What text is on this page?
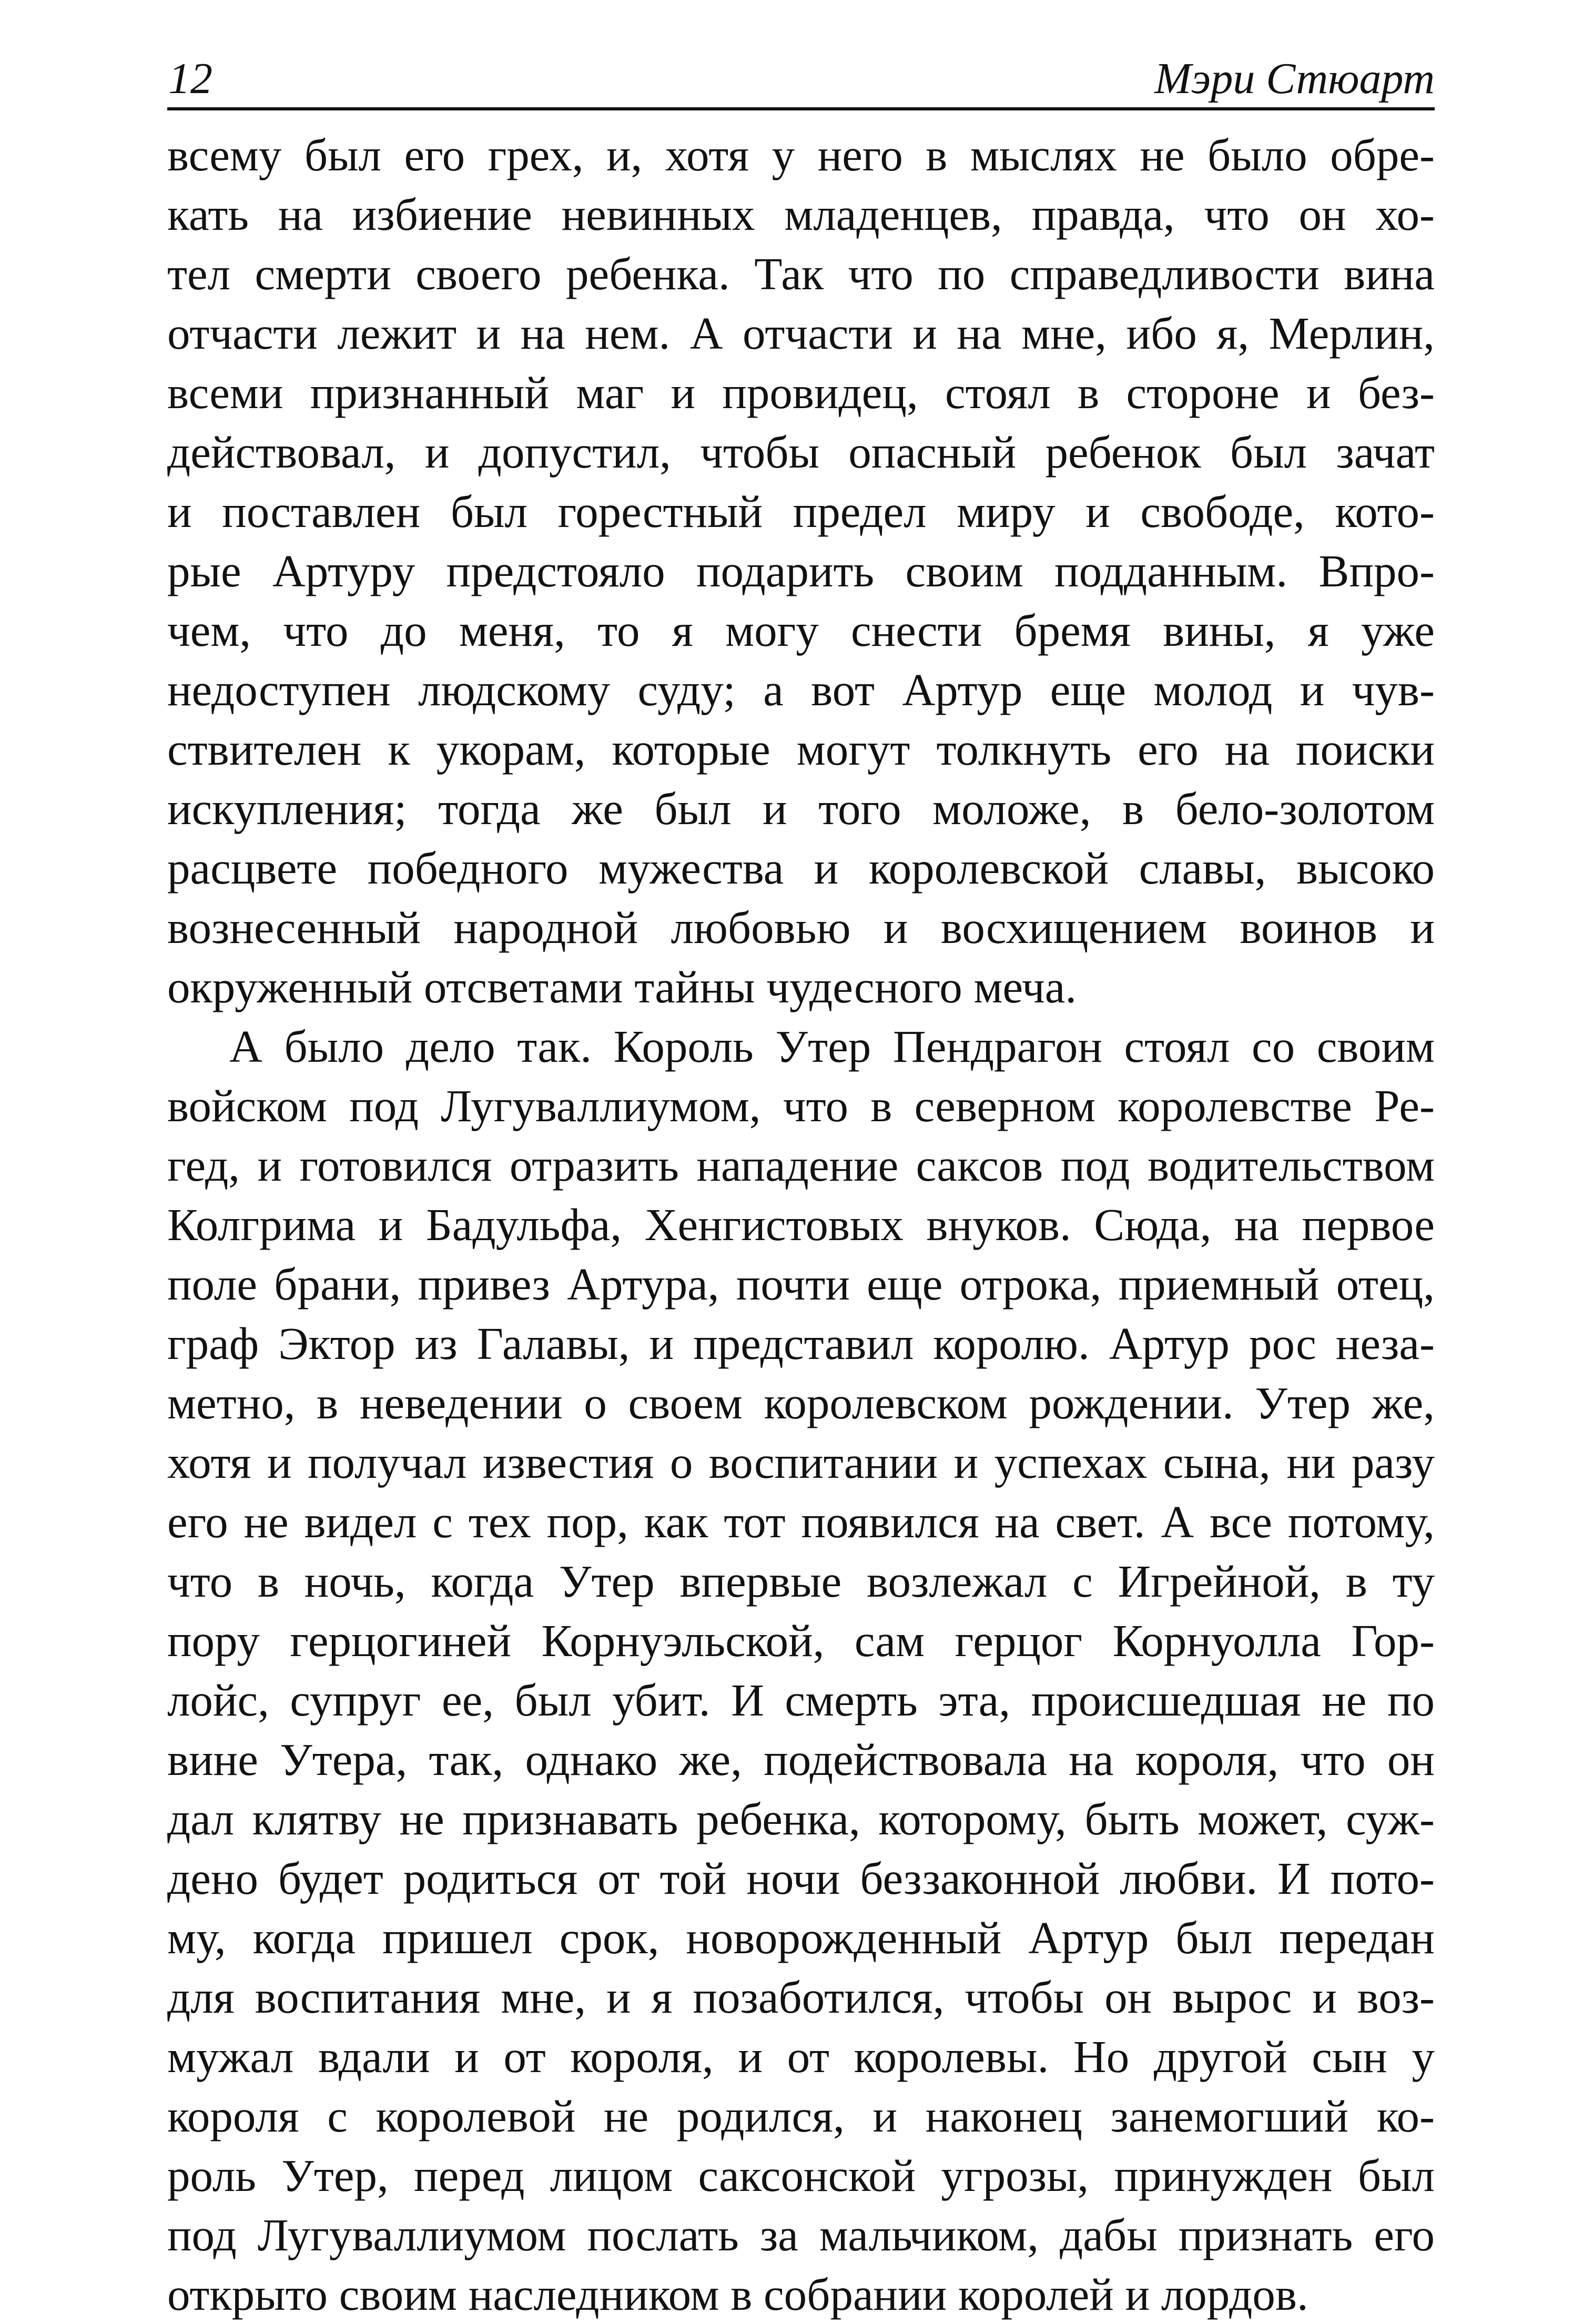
12	Мэри Стюарт
всему был его грех, и, хотя у него в мыслях не было обре-
кать на избиение невинных младенцев, правда, что он хо-
тел смерти своего ребенка. Так что по справедливости вина
отчасти лежит и на нем. А отчасти и на мне, ибо я, Мерлин,
всеми признанный маг и провидец, стоял в стороне и без-
действовал, и допустил, чтобы опасный ребенок был зачат
и поставлен был горестный предел миру и свободе, кото-
рые Артуру предстояло подарить своим подданным. Впро-
чем, что до меня, то я могу снести бремя вины, я уже
недоступен людскому суду; а вот Артур еще молод и чув-
ствителен к укорам, которые могут толкнуть его на поиски
искупления; тогда же был и того моложе, в бело-золотом
расцвете победного мужества и королевской славы, высоко
вознесенный народной любовью и восхищением воинов и
окруженный отсветами тайны чудесного меча.
А было дело так. Король Утер Пендрагон стоял со своим
войском под Лугуваллиумом, что в северном королевстве Ре-
гед, и готовился отразить нападение саксов под водительством
Колгрима и Бадульфа, Хенгистовых внуков. Сюда, на первое
поле брани, привез Артура, почти еще отрока, приемный отец,
граф Эктор из Галавы, и представил королю. Артур рос неза-
метно, в неведении о своем королевском рождении. Утер же,
хотя и получал известия о воспитании и успехах сына, ни разу
его не видел с тех пор, как тот появился на свет. А все потому,
что в ночь, когда Утер впервые возлежал с Игрейной, в ту
пору герцогиней Корнуэльской, сам герцог Корнуолла Гор-
лойс, супруг ее, был убит. И смерть эта, происшедшая не по
вине Утера, так, однако же, подействовала на короля, что он
дал клятву не признавать ребенка, которому, быть может, суж-
дено будет родиться от той ночи беззаконной любви. И пото-
му, когда пришел срок, новорожденный Артур был передан
для воспитания мне, и я позаботился, чтобы он вырос и воз-
мужал вдали и от короля, и от королевы. Но другой сын у
короля с королевой не родился, и наконец занемогший ко-
роль Утер, перед лицом саксонской угрозы, принужден был
под Лугуваллиумом послать за мальчиком, дабы признать его
открыто своим наследником в собрании королей и лордов.
